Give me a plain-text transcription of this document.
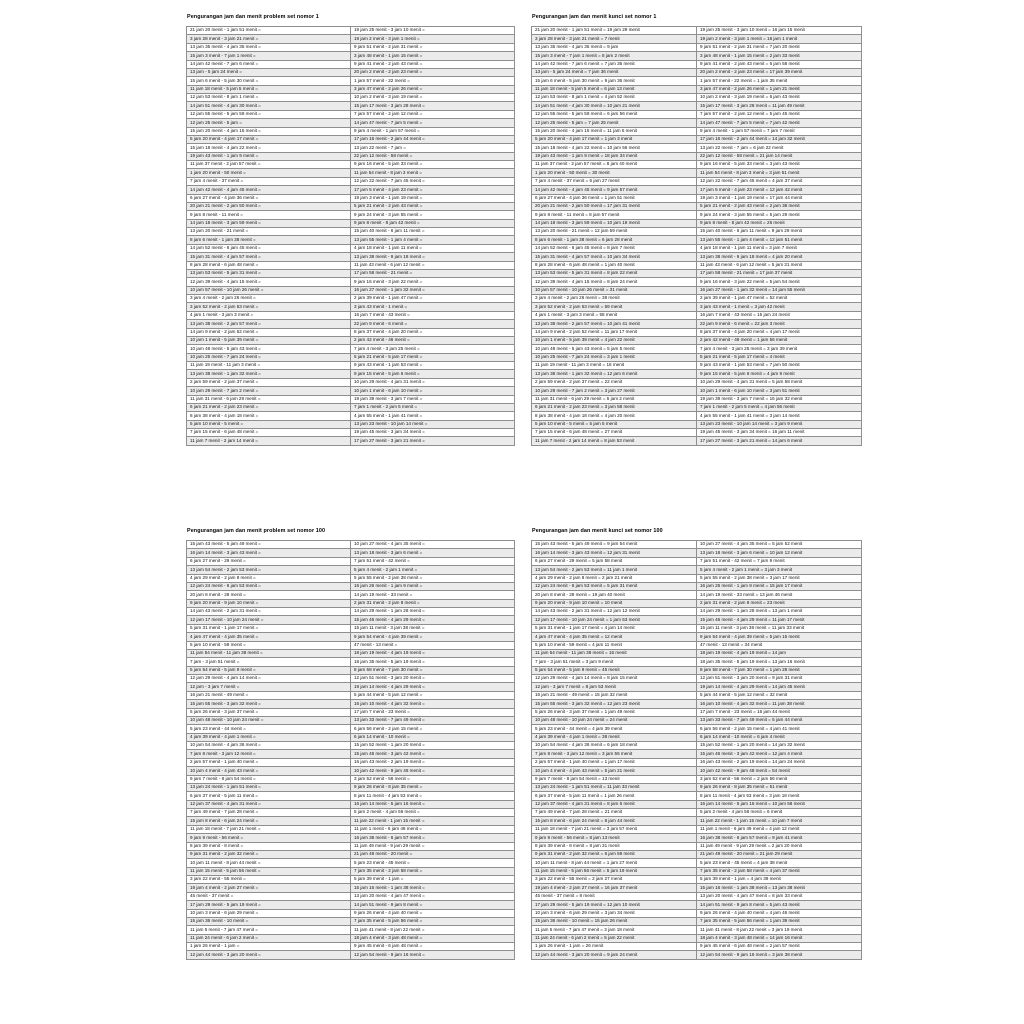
Pengurangan jam dan menit problem set nomor 1
21 jam 20 menit - 1 jam 51 menit =	19 jam 25 menit - 3 jam 10 menit =
3 jam 28 menit - 3 jam 21 menit =	19 jam 2 menit - 3 jam 1 menit =
13 jam 35 menit - 4 jam 35 menit =	9 jam 51 menit - 2 jam 31 menit =
15 jam 3 menit - 7 jam 1 menit =	3 jam 48 menit - 1 jam 15 menit =
14 jam 42 menit - 7 jam 6 menit =	9 jam 41 menit - 2 jam 43 menit =
13 jam - 5 jam 24 menit =	20 jam 2 menit - 2 jam 23 menit =
15 jam 6 menit - 5 jam 30 menit =	1 jam 57 menit - 22 menit =
11 jam 18 menit - 5 jam 5 menit =	3 jam 47 menit - 2 jam 26 menit =
12 jam 53 menit - 8 jam 1 menit =	10 jam 2 menit - 3 jam 19 menit =
14 jam 51 menit - 4 jam 30 menit =	15 jam 17 menit - 3 jam 28 menit =
12 jam 55 menit - 5 jam 59 menit =	7 jam 57 menit - 2 jam 12 menit =
12 jam 25 menit - 5 jam =	14 jam 47 menit - 7 jam 5 menit =
15 jam 20 menit - 4 jam 15 menit =	9 jam 4 menit - 1 jam 57 menit =
5 jam 20 menit - 4 jam 17 menit =	17 jam 16 menit - 2 jam 44 menit =
15 jam 18 menit - 4 jam 22 menit =	13 jam 22 menit - 7 jam =
19 jam 43 menit - 1 jam 9 menit =	22 jam 12 menit - 58 menit =
11 jam 37 menit - 2 jam 57 menit =	9 jam 16 menit - 5 jam 33 menit =
1 jam 20 menit - 50 menit =	11 jam 54 menit - 8 jam 3 menit =
7 jam 4 menit - 37 menit =	12 jam 22 menit - 7 jam 45 menit =
14 jam 42 menit - 4 jam 45 menit =	17 jam 5 menit - 4 jam 23 menit =
6 jam 27 menit - 4 jam 36 menit =	19 jam 3 menit - 1 jam 19 menit =
20 jam 21 menit - 2 jam 50 menit =	5 jam 21 menit - 2 jam 43 menit =
9 jam 8 menit - 11 menit =	9 jam 24 menit - 3 jam 55 menit =
14 jam 18 menit - 3 jam 59 menit =	9 jam 8 menit - 8 jam 42 menit =
13 jam 20 menit - 21 menit =	15 jam 40 menit - 6 jam 11 menit =
8 jam 6 menit - 1 jam 38 menit =	13 jam 55 menit - 1 jam 4 menit =
14 jam 52 menit - 6 jam 45 menit =	4 jam 18 menit - 1 jam 11 menit =
15 jam 31 menit - 4 jam 57 menit =	13 jam 38 menit - 9 jam 18 menit =
8 jam 28 menit - 6 jam 48 menit =	11 jam 43 menit - 6 jam 12 menit =
13 jam 53 menit - 5 jam 31 menit =	17 jam 58 menit - 21 menit =
12 jam 39 menit - 4 jam 15 menit =	9 jam 16 menit - 3 jam 22 menit =
10 jam 57 menit - 10 jam 26 menit =	16 jam 27 menit - 1 jam 32 menit =
3 jam 4 menit - 2 jam 26 menit =	2 jam 39 menit - 1 jam 47 menit =
3 jam 52 menit - 2 jam 53 menit =	3 jam 43 menit - 1 menit =
4 jam 1 menit - 3 jam 3 menit =	16 jam 7 menit - 43 menit =
13 jam 38 menit - 2 jam 57 menit =	22 jam 9 menit - 6 menit =
14 jam 9 menit - 2 jam 52 menit =	8 jam 37 menit - 4 jam 20 menit =
10 jam 1 menit - 5 jam 39 menit =	2 jam 42 menit - 46 menit =
10 jam 48 menit - 5 jam 43 menit =	7 jam 4 menit - 3 jam 25 menit =
10 jam 25 menit - 7 jam 24 menit =	5 jam 21 menit - 5 jam 17 menit =
11 jam 19 menit - 11 jam 3 menit =	9 jam 43 menit - 1 jam 53 menit =
13 jam 38 menit - 1 jam 32 menit =	9 jam 15 menit - 5 jam 6 menit =
2 jam 59 menit - 2 jam 37 menit =	10 jam 29 menit - 4 jam 31 menit =
10 jam 29 menit - 7 jam 2 menit =	10 jam 1 menit - 6 jam 10 menit =
11 jam 31 menit - 6 jam 29 menit =	19 jam 39 menit - 3 jam 7 menit =
6 jam 21 menit - 2 jam 23 menit =	7 jam 1 menit - 2 jam 5 menit =
8 jam 38 menit - 4 jam 18 menit =	4 jam 55 menit - 1 jam 41 menit =
5 jam 10 menit - 5 menit =	13 jam 23 menit - 10 jam 14 menit =
7 jam 15 menit - 6 jam 48 menit =	19 jam 45 menit - 3 jam 34 menit =
11 jam 7 menit - 2 jam 14 menit =	17 jam 27 menit - 3 jam 21 menit =
Pengurangan jam dan menit kunci set nomor 1
21 jam 20 menit - 1 jam 51 menit = 19 jam 29 menit	19 jam 25 menit - 3 jam 10 menit = 16 jam 15 menit
3 jam 28 menit - 3 jam 21 menit = 7 menit	19 jam 2 menit - 3 jam 1 menit = 16 jam 1 menit
13 jam 35 menit - 4 jam 35 menit = 9 jam	9 jam 51 menit - 2 jam 31 menit = 7 jam 20 menit
15 jam 3 menit - 7 jam 1 menit = 8 jam 2 menit	3 jam 48 menit - 1 jam 15 menit = 2 jam 33 menit
14 jam 42 menit - 7 jam 6 menit = 7 jam 36 menit	9 jam 41 menit - 2 jam 43 menit = 6 jam 58 menit
13 jam - 5 jam 24 menit = 7 jam 36 menit	20 jam 2 menit - 2 jam 23 menit = 17 jam 39 menit
15 jam 6 menit - 5 jam 30 menit = 9 jam 36 menit	1 jam 57 menit - 22 menit = 1 jam 35 menit
11 jam 18 menit - 5 jam 5 menit = 6 jam 13 menit	3 jam 47 menit - 2 jam 26 menit = 1 jam 21 menit
12 jam 53 menit - 8 jam 1 menit = 4 jam 52 menit	10 jam 2 menit - 3 jam 19 menit = 6 jam 43 menit
14 jam 51 menit - 4 jam 30 menit = 10 jam 21 menit	15 jam 17 menit - 3 jam 28 menit = 11 jam 49 menit
12 jam 55 menit - 5 jam 59 menit = 6 jam 56 menit	7 jam 57 menit - 2 jam 12 menit = 5 jam 45 menit
12 jam 25 menit - 5 jam = 7 jam 25 menit	14 jam 47 menit - 7 jam 5 menit = 7 jam 42 menit
15 jam 20 menit - 4 jam 15 menit = 11 jam 5 menit	9 jam 4 menit - 1 jam 57 menit = 7 jam 7 menit
5 jam 20 menit - 4 jam 17 menit = 1 jam 3 menit	17 jam 16 menit - 2 jam 44 menit = 14 jam 32 menit
15 jam 18 menit - 4 jam 22 menit = 10 jam 56 menit	13 jam 22 menit - 7 jam = 6 jam 22 menit
19 jam 43 menit - 1 jam 9 menit = 18 jam 34 menit	22 jam 12 menit - 58 menit = 21 jam 14 menit
11 jam 37 menit - 2 jam 57 menit = 8 jam 40 menit	9 jam 16 menit - 5 jam 33 menit = 3 jam 43 menit
1 jam 20 menit - 50 menit = 30 menit	11 jam 54 menit - 8 jam 3 menit = 3 jam 51 menit
7 jam 4 menit - 37 menit = 6 jam 27 menit	12 jam 22 menit - 7 jam 45 menit = 4 jam 37 menit
14 jam 42 menit - 4 jam 45 menit = 9 jam 57 menit	17 jam 5 menit - 4 jam 23 menit = 12 jam 42 menit
6 jam 27 menit - 4 jam 36 menit = 1 jam 51 menit	19 jam 3 menit - 1 jam 19 menit = 17 jam 44 menit
20 jam 21 menit - 2 jam 50 menit = 17 jam 31 menit	5 jam 21 menit - 2 jam 43 menit = 2 jam 38 menit
9 jam 8 menit - 11 menit = 8 jam 57 menit	9 jam 24 menit - 3 jam 55 menit = 5 jam 29 menit
14 jam 18 menit - 3 jam 59 menit = 10 jam 19 menit	9 jam 8 menit - 8 jam 42 menit = 26 menit
13 jam 20 menit - 21 menit = 12 jam 59 menit	15 jam 40 menit - 6 jam 11 menit = 9 jam 29 menit
8 jam 6 menit - 1 jam 38 menit = 6 jam 28 menit	13 jam 55 menit - 1 jam 4 menit = 12 jam 51 menit
14 jam 52 menit - 6 jam 45 menit = 8 jam 7 menit	4 jam 18 menit - 1 jam 11 menit = 3 jam 7 menit
15 jam 31 menit - 4 jam 57 menit = 10 jam 34 menit	13 jam 38 menit - 9 jam 18 menit = 4 jam 20 menit
8 jam 28 menit - 6 jam 48 menit = 1 jam 40 menit	11 jam 43 menit - 6 jam 12 menit = 5 jam 31 menit
13 jam 53 menit - 5 jam 31 menit = 8 jam 22 menit	17 jam 58 menit - 21 menit = 17 jam 37 menit
12 jam 39 menit - 4 jam 15 menit = 8 jam 24 menit	9 jam 16 menit - 3 jam 22 menit = 5 jam 54 menit
10 jam 57 menit - 10 jam 26 menit = 31 menit	16 jam 27 menit - 1 jam 32 menit = 14 jam 55 menit
3 jam 4 menit - 2 jam 26 menit = 38 menit	2 jam 39 menit - 1 jam 47 menit = 52 menit
3 jam 52 menit - 2 jam 53 menit = 59 menit	3 jam 43 menit - 1 menit = 3 jam 42 menit
4 jam 1 menit - 3 jam 3 menit = 58 menit	16 jam 7 menit - 43 menit = 15 jam 24 menit
13 jam 38 menit - 2 jam 57 menit = 10 jam 41 menit	22 jam 9 menit - 6 menit = 22 jam 3 menit
14 jam 9 menit - 2 jam 52 menit = 11 jam 17 menit	8 jam 37 menit - 4 jam 20 menit = 4 jam 17 menit
10 jam 1 menit - 5 jam 39 menit = 4 jam 22 menit	2 jam 42 menit - 46 menit = 1 jam 56 menit
10 jam 48 menit - 5 jam 43 menit = 5 jam 5 menit	7 jam 4 menit - 3 jam 25 menit = 3 jam 39 menit
10 jam 25 menit - 7 jam 24 menit = 3 jam 1 menit	5 jam 21 menit - 5 jam 17 menit = 4 menit
11 jam 19 menit - 11 jam 3 menit = 16 menit	9 jam 43 menit - 1 jam 53 menit = 7 jam 50 menit
13 jam 38 menit - 1 jam 32 menit = 12 jam 6 menit	9 jam 15 menit - 5 jam 6 menit = 4 jam 9 menit
2 jam 59 menit - 2 jam 37 menit = 22 menit	10 jam 29 menit - 4 jam 31 menit = 5 jam 58 menit
10 jam 29 menit - 7 jam 2 menit = 3 jam 27 menit	10 jam 1 menit - 6 jam 10 menit = 3 jam 51 menit
11 jam 31 menit - 6 jam 29 menit = 5 jam 2 menit	19 jam 39 menit - 3 jam 7 menit = 16 jam 32 menit
6 jam 21 menit - 2 jam 23 menit = 3 jam 58 menit	7 jam 1 menit - 2 jam 5 menit = 4 jam 56 menit
8 jam 38 menit - 4 jam 18 menit = 4 jam 20 menit	4 jam 55 menit - 1 jam 41 menit = 3 jam 14 menit
5 jam 10 menit - 5 menit = 5 jam 5 menit	13 jam 23 menit - 10 jam 14 menit = 3 jam 9 menit
7 jam 15 menit - 6 jam 48 menit = 27 menit	19 jam 45 menit - 3 jam 34 menit = 16 jam 11 menit
11 jam 7 menit - 2 jam 14 menit = 8 jam 53 menit	17 jam 27 menit - 3 jam 21 menit = 14 jam 6 menit
Pengurangan jam dan menit problem set nomor 100
15 jam 43 menit - 5 jam 49 menit =	10 jam 27 menit - 4 jam 35 menit =
16 jam 14 menit - 3 jam 43 menit =	13 jam 18 menit - 3 jam 6 menit =
6 jam 27 menit - 29 menit =	7 jam 51 menit - 42 menit =
13 jam 54 menit - 2 jam 53 menit =	5 jam 4 menit - 2 jam 1 menit =
4 jam 29 menit - 2 jam 8 menit =	5 jam 55 menit - 2 jam 38 menit =
12 jam 24 menit - 6 jam 53 menit =	16 jam 26 menit - 1 jam 9 menit =
20 jam 8 menit - 28 menit =	14 jam 19 menit - 33 menit =
9 jam 20 menit - 9 jam 10 menit =	2 jam 31 menit - 2 jam 8 menit =
14 jam 43 menit - 2 jam 31 menit =	14 jam 29 menit - 1 jam 28 menit =
12 jam 17 menit - 10 jam 24 menit =	15 jam 46 menit - 4 jam 29 menit =
5 jam 31 menit - 1 jam 17 menit =	15 jam 11 menit - 3 jam 38 menit =
4 jam 47 menit - 4 jam 35 menit =	9 jam 54 menit - 4 jam 39 menit =
5 jam 10 menit - 59 menit =	47 menit - 13 menit =
11 jam 54 menit - 11 jam 38 menit =	18 jam 19 menit - 4 jam 19 menit =
7 jam - 3 jam 51 menit =	18 jam 35 menit - 5 jam 19 menit =
5 jam 54 menit - 5 jam 9 menit =	8 jam 58 menit - 7 jam 30 menit =
12 jam 29 menit - 4 jam 14 menit =	12 jam 51 menit - 3 jam 20 menit =
12 jam - 3 jam 7 menit =	19 jam 14 menit - 4 jam 29 menit =
16 jam 21 menit - 49 menit =	5 jam 44 menit - 5 jam 12 menit =
15 jam 55 menit - 3 jam 32 menit =	16 jam 10 menit - 4 jam 32 menit =
5 jam 26 menit - 3 jam 37 menit =	17 jam 7 menit - 23 menit =
10 jam 48 menit - 10 jam 24 menit =	13 jam 33 menit - 7 jam 49 menit =
5 jam 23 menit - 44 menit =	6 jam 56 menit - 2 jam 15 menit =
4 jam 39 menit - 4 jam 1 menit =	6 jam 14 menit - 10 menit =
10 jam 54 menit - 4 jam 36 menit =	15 jam 52 menit - 1 jam 20 menit =
7 jam 8 menit - 3 jam 12 menit =	15 jam 46 menit - 3 jam 42 menit =
2 jam 57 menit - 1 jam 40 menit =	16 jam 43 menit - 2 jam 19 menit =
10 jam 4 menit - 4 jam 43 menit =	10 jam 42 menit - 9 jam 48 menit =
9 jam 7 menit - 8 jam 54 menit =	3 jam 52 menit - 56 menit =
13 jam 24 menit - 1 jam 51 menit =	9 jam 26 menit - 8 jam 35 menit =
6 jam 37 menit - 5 jam 11 menit =	8 jam 11 menit - 4 jam 53 menit =
12 jam 37 menit - 4 jam 31 menit =	16 jam 14 menit - 5 jam 16 menit =
7 jam 49 menit - 7 jam 28 menit =	5 jam 2 menit - 4 jam 56 menit =
15 jam 8 menit - 6 jam 24 menit =	11 jam 22 menit - 1 jam 15 menit =
11 jam 18 menit - 7 jam 21 menit =	11 jam 1 menit - 6 jam 49 menit =
9 jam 9 menit - 56 menit =	16 jam 38 menit - 6 jam 57 menit =
8 jam 39 menit - 8 menit =	11 jam 49 menit - 9 jam 29 menit =
9 jam 31 menit - 2 jam 32 menit =	21 jam 49 menit - 20 menit =
10 jam 11 menit - 8 jam 44 menit =	5 jam 23 menit - 45 menit =
11 jam 15 menit - 5 jam 56 menit =	7 jam 35 menit - 2 jam 58 menit =
3 jam 22 menit - 55 menit =	5 jam 39 menit - 1 jam =
19 jam 4 menit - 2 jam 27 menit =	15 jam 16 menit - 1 jam 38 menit =
45 menit - 37 menit =	13 jam 20 menit - 4 jam 47 menit =
17 jam 29 menit - 5 jam 19 menit =	14 jam 51 menit - 9 jam 8 menit =
10 jam 3 menit - 6 jam 29 menit =	9 jam 26 menit - 4 jam 40 menit =
15 jam 36 menit - 10 menit =	7 jam 35 menit - 5 jam 56 menit =
11 jam 5 menit - 7 jam 47 menit =	11 jam 41 menit - 8 jam 22 menit =
11 jam 24 menit - 6 jam 2 menit =	18 jam 4 menit - 3 jam 48 menit =
1 jam 26 menit - 1 jam =	9 jam 45 menit - 6 jam 48 menit =
12 jam 44 menit - 3 jam 20 menit =	12 jam 54 menit - 9 jam 16 menit =
Pengurangan jam dan menit kunci set nomor 100
15 jam 43 menit - 5 jam 49 menit = 9 jam 54 menit	10 jam 27 menit - 4 jam 35 menit = 5 jam 52 menit
16 jam 14 menit - 3 jam 43 menit = 12 jam 31 menit	13 jam 18 menit - 3 jam 6 menit = 10 jam 12 menit
6 jam 27 menit - 29 menit = 5 jam 58 menit	7 jam 51 menit - 42 menit = 7 jam 9 menit
13 jam 54 menit - 2 jam 53 menit = 11 jam 1 menit	5 jam 4 menit - 2 jam 1 menit = 3 jam 3 menit
4 jam 29 menit - 2 jam 8 menit = 2 jam 21 menit	5 jam 55 menit - 2 jam 38 menit = 3 jam 17 menit
12 jam 24 menit - 6 jam 53 menit = 5 jam 31 menit	16 jam 26 menit - 1 jam 9 menit = 15 jam 17 menit
20 jam 8 menit - 28 menit = 19 jam 40 menit	14 jam 19 menit - 33 menit = 13 jam 46 menit
9 jam 20 menit - 9 jam 10 menit = 10 menit	2 jam 31 menit - 2 jam 8 menit = 23 menit
14 jam 43 menit - 2 jam 31 menit = 12 jam 12 menit	14 jam 29 menit - 1 jam 28 menit = 13 jam 1 menit
12 jam 17 menit - 10 jam 24 menit = 1 jam 53 menit	15 jam 46 menit - 4 jam 29 menit = 11 jam 17 menit
5 jam 31 menit - 1 jam 17 menit = 4 jam 14 menit	15 jam 11 menit - 3 jam 38 menit = 11 jam 33 menit
4 jam 47 menit - 4 jam 35 menit = 12 menit	9 jam 54 menit - 4 jam 39 menit = 5 jam 15 menit
5 jam 10 menit - 59 menit = 4 jam 11 menit	47 menit - 13 menit = 34 menit
11 jam 54 menit - 11 jam 38 menit = 16 menit	18 jam 19 menit - 4 jam 19 menit = 14 jam
7 jam - 3 jam 51 menit = 3 jam 9 menit	18 jam 35 menit - 5 jam 19 menit = 13 jam 16 menit
5 jam 54 menit - 5 jam 9 menit = 45 menit	8 jam 58 menit - 7 jam 30 menit = 1 jam 28 menit
12 jam 29 menit - 4 jam 14 menit = 8 jam 15 menit	12 jam 51 menit - 3 jam 20 menit = 9 jam 31 menit
12 jam - 3 jam 7 menit = 8 jam 53 menit	19 jam 14 menit - 4 jam 29 menit = 14 jam 45 menit
16 jam 21 menit - 49 menit = 15 jam 32 menit	5 jam 44 menit - 5 jam 12 menit = 32 menit
15 jam 55 menit - 3 jam 32 menit = 12 jam 23 menit	16 jam 10 menit - 4 jam 32 menit = 11 jam 38 menit
5 jam 26 menit - 3 jam 37 menit = 1 jam 49 menit	17 jam 7 menit - 23 menit = 16 jam 44 menit
10 jam 48 menit - 10 jam 24 menit = 24 menit	13 jam 33 menit - 7 jam 49 menit = 5 jam 44 menit
5 jam 23 menit - 44 menit = 4 jam 39 menit	6 jam 56 menit - 2 jam 15 menit = 4 jam 41 menit
4 jam 39 menit - 4 jam 1 menit = 38 menit	6 jam 14 menit - 10 menit = 6 jam 4 menit
10 jam 54 menit - 4 jam 36 menit = 6 jam 18 menit	15 jam 52 menit - 1 jam 20 menit = 14 jam 32 menit
7 jam 8 menit - 3 jam 12 menit = 3 jam 56 menit	15 jam 46 menit - 3 jam 42 menit = 12 jam 4 menit
2 jam 57 menit - 1 jam 40 menit = 1 jam 17 menit	16 jam 43 menit - 2 jam 19 menit = 14 jam 24 menit
10 jam 4 menit - 4 jam 43 menit = 5 jam 21 menit	10 jam 42 menit - 9 jam 48 menit = 54 menit
9 jam 7 menit - 8 jam 54 menit = 13 menit	3 jam 52 menit - 56 menit = 2 jam 56 menit
13 jam 24 menit - 1 jam 51 menit = 11 jam 33 menit	9 jam 26 menit - 8 jam 35 menit = 51 menit
6 jam 37 menit - 5 jam 11 menit = 1 jam 26 menit	8 jam 11 menit - 4 jam 53 menit = 3 jam 18 menit
12 jam 37 menit - 4 jam 31 menit = 8 jam 6 menit	16 jam 14 menit - 5 jam 16 menit = 10 jam 58 menit
7 jam 49 menit - 7 jam 28 menit = 21 menit	5 jam 2 menit - 4 jam 56 menit = 6 menit
15 jam 8 menit - 6 jam 24 menit = 8 jam 44 menit	11 jam 22 menit - 1 jam 15 menit = 10 jam 7 menit
11 jam 18 menit - 7 jam 21 menit = 3 jam 57 menit	11 jam 1 menit - 6 jam 49 menit = 4 jam 12 menit
9 jam 9 menit - 56 menit = 8 jam 13 menit	16 jam 38 menit - 6 jam 57 menit = 9 jam 41 menit
8 jam 39 menit - 8 menit = 8 jam 31 menit	11 jam 49 menit - 9 jam 29 menit = 2 jam 20 menit
9 jam 31 menit - 2 jam 32 menit = 6 jam 59 menit	21 jam 49 menit - 20 menit = 21 jam 29 menit
10 jam 11 menit - 8 jam 44 menit = 1 jam 27 menit	5 jam 23 menit - 45 menit = 4 jam 38 menit
11 jam 15 menit - 5 jam 56 menit = 5 jam 19 menit	7 jam 35 menit - 2 jam 58 menit = 4 jam 37 menit
3 jam 22 menit - 55 menit = 2 jam 27 menit	5 jam 39 menit - 1 jam = 4 jam 39 menit
19 jam 4 menit - 2 jam 27 menit = 16 jam 37 menit	15 jam 16 menit - 1 jam 38 menit = 13 jam 38 menit
45 menit - 37 menit = 8 menit	13 jam 20 menit - 4 jam 47 menit = 8 jam 33 menit
17 jam 29 menit - 5 jam 19 menit = 12 jam 10 menit	14 jam 51 menit - 9 jam 8 menit = 5 jam 43 menit
10 jam 3 menit - 6 jam 29 menit = 3 jam 34 menit	9 jam 26 menit - 4 jam 40 menit = 4 jam 46 menit
15 jam 36 menit - 10 menit = 15 jam 26 menit	7 jam 35 menit - 5 jam 56 menit = 1 jam 39 menit
11 jam 5 menit - 7 jam 47 menit = 3 jam 18 menit	11 jam 41 menit - 8 jam 22 menit = 3 jam 19 menit
11 jam 24 menit - 6 jam 2 menit = 5 jam 22 menit	18 jam 4 menit - 3 jam 48 menit = 14 jam 16 menit
1 jam 26 menit - 1 jam = 26 menit	9 jam 45 menit - 6 jam 48 menit = 2 jam 57 menit
12 jam 44 menit - 3 jam 20 menit = 9 jam 24 menit	12 jam 54 menit - 9 jam 16 menit = 3 jam 38 menit
